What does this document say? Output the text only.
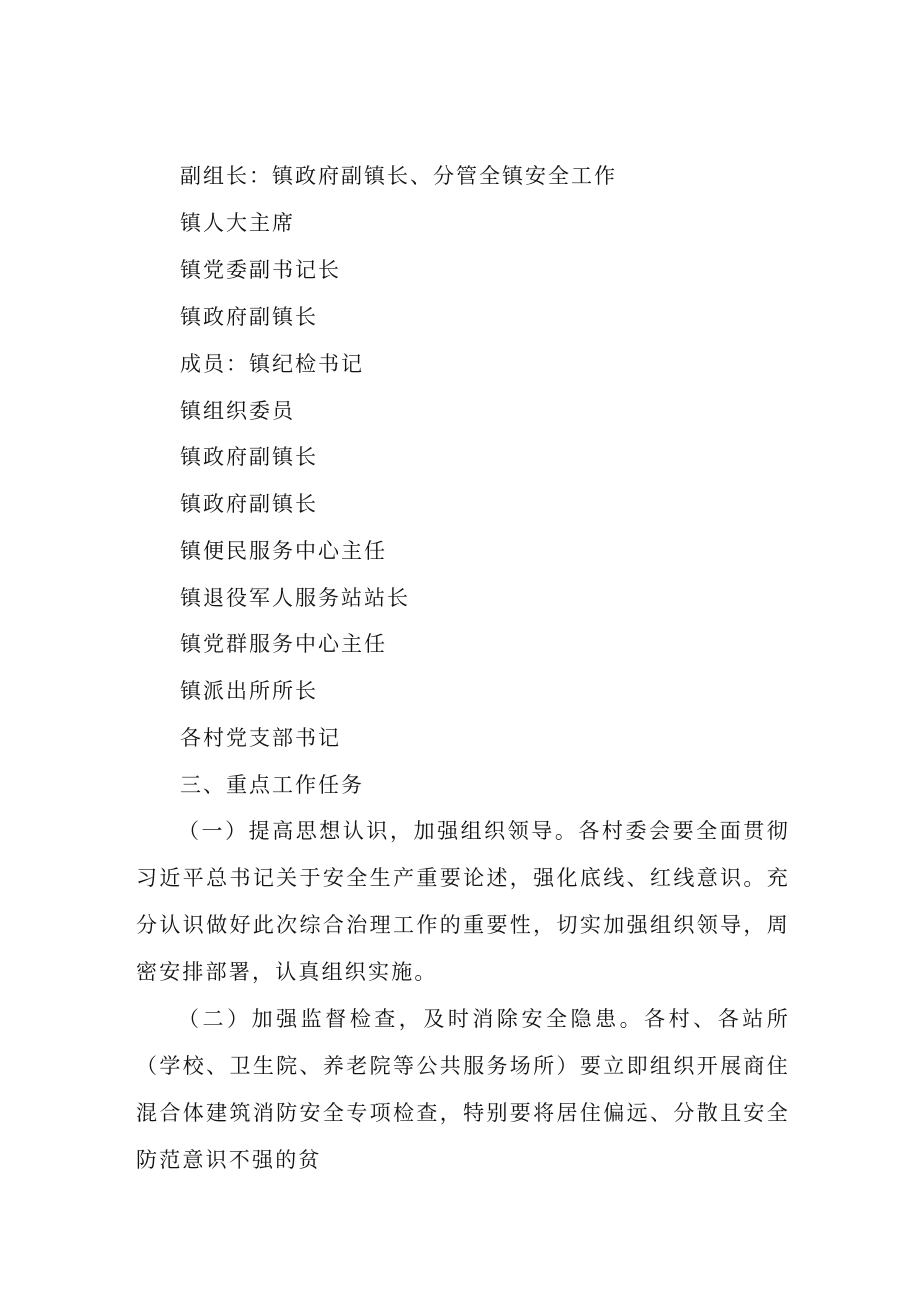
副组长：镇政府副镇长、分管全镇安全工作
镇人大主席
镇党委副书记长
镇政府副镇长
成员：镇纪检书记
镇组织委员
镇政府副镇长
镇政府副镇长
镇便民服务中心主任
镇退役军人服务站站长
镇党群服务中心主任
镇派出所所长
各村党支部书记
三、重点工作任务
（一）提高思想认识，加强组织领导。各村委会要全面贯彻习近平总书记关于安全生产重要论述，强化底线、红线意识。充分认识做好此次综合治理工作的重要性，切实加强组织领导，周密安排部署，认真组织实施。
（二）加强监督检查，及时消除安全隐患。各村、各站所（学校、卫生院、养老院等公共服务场所）要立即组织开展商住混合体建筑消防安全专项检查，特别要将居住偏远、分散且安全防范意识不强的贫
